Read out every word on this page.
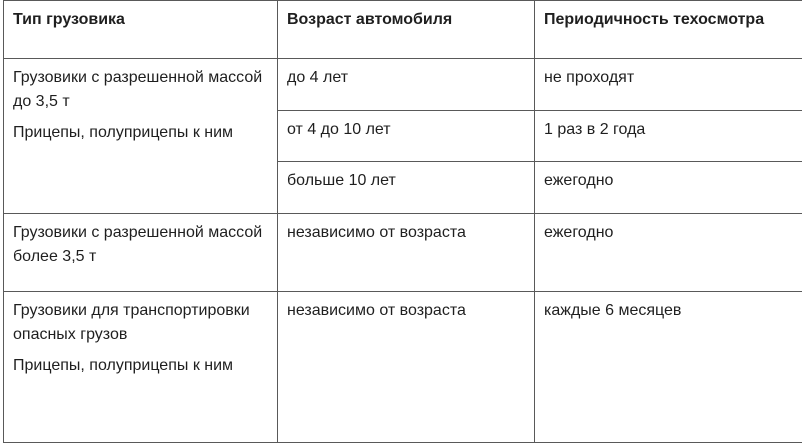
Тип грузовика	Возраст автомобиля	Периодичность техосмотра

Грузовики с разрешенной массой до 3,5 т

Прицепы, полуприцепы к ним	до 4 лет	не проходят
	от 4 до 10 лет	1 раз в 2 года
	больше 10 лет	ежегодно

Грузовики с разрешенной массой более 3,5 т	независимо от возраста	ежегодно

Грузовики для транспортировки опасных грузов

Прицепы, полуприцепы к ним	независимо от возраста	каждые 6 месяцев
